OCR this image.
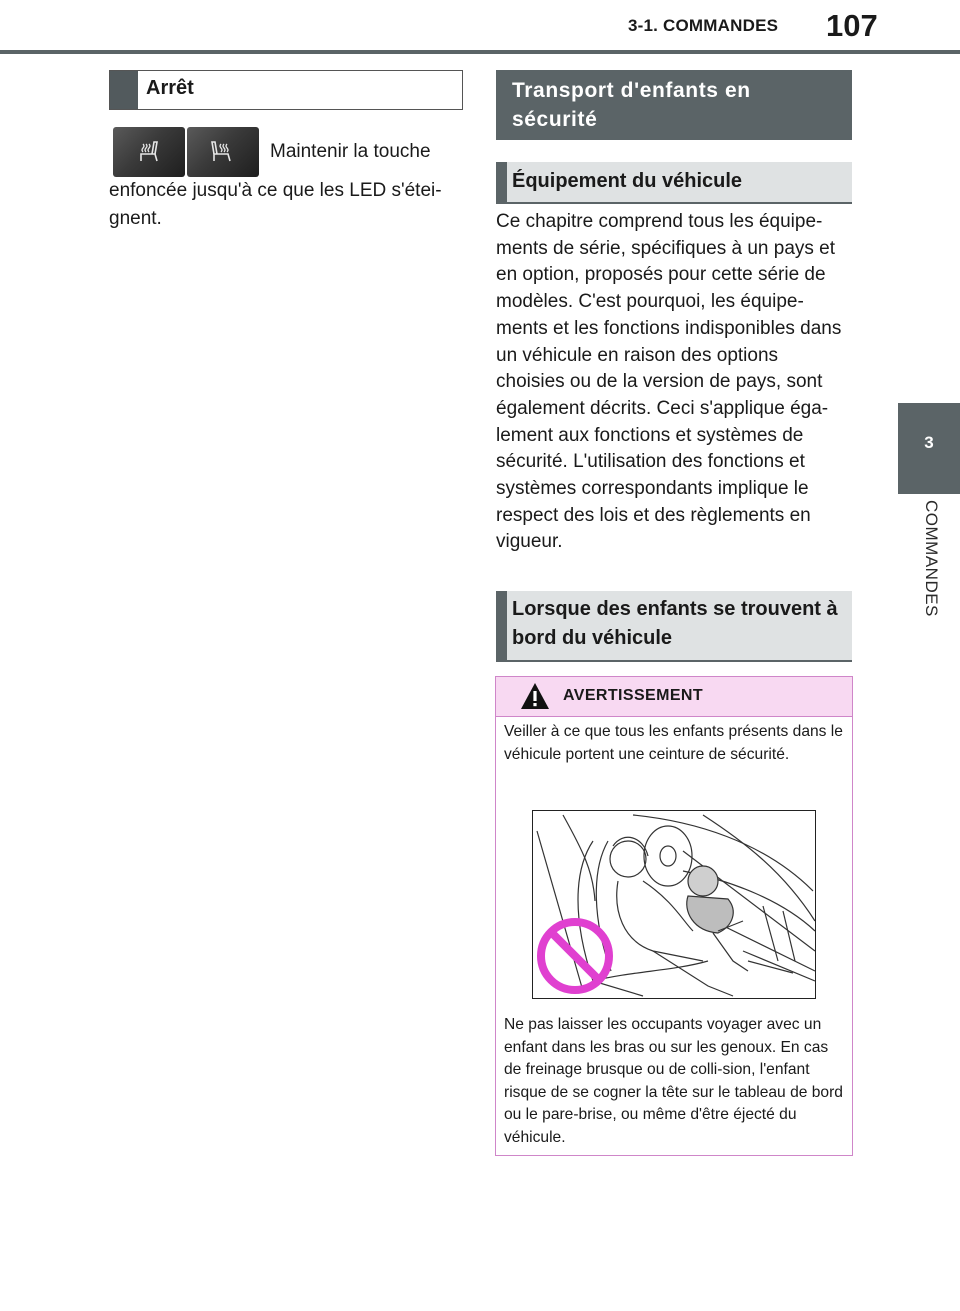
3-1. COMMANDES 107
3
COMMANDES
Arrêt
Maintenir la touche
enfoncée jusqu'à ce que les LED s'étei-
gnent.
Transport d'enfants en sécurité
Équipement du véhicule
Ce chapitre comprend tous les équipe-ments de série, spécifiques à un pays et en option, proposés pour cette série de modèles. C'est pourquoi, les équipe-ments et les fonctions indisponibles dans un véhicule en raison des options choisies ou de la version de pays, sont également décrits. Ceci s'applique éga-lement aux fonctions et systèmes de sécurité. L'utilisation des fonctions et systèmes correspondants implique le respect des lois et des règlements en vigueur.
Lorsque des enfants se trouvent à bord du véhicule
AVERTISSEMENT
Veiller à ce que tous les enfants présents dans le véhicule portent une ceinture de sécurité.
Ne pas laisser les occupants voyager avec un enfant dans les bras ou sur les genoux. En cas de freinage brusque ou de colli-sion, l'enfant risque de se cogner la tête sur le tableau de bord ou le pare-brise, ou même d'être éjecté du véhicule.
